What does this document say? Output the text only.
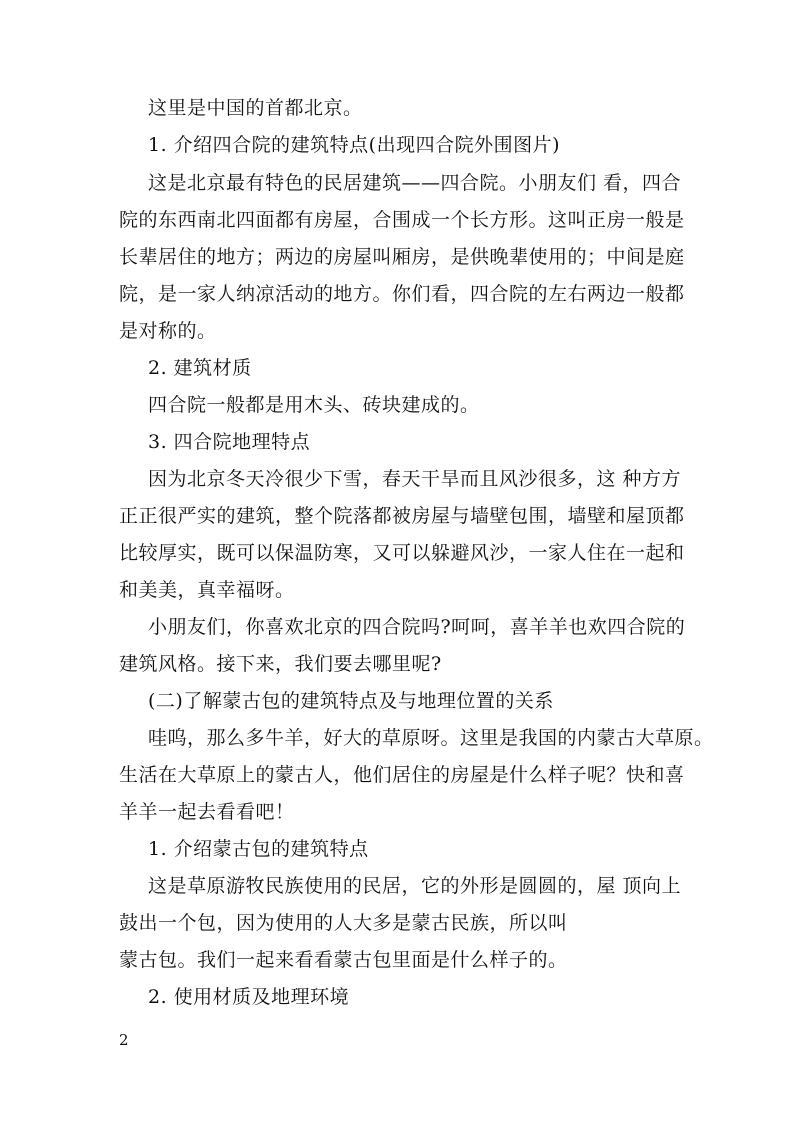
这里是中国的首都北京。
1. 介绍四合院的建筑特点(出现四合院外围图片)
这是北京最有特色的民居建筑——四合院。小朋友们 看，四合
院的东西南北四面都有房屋，合围成一个长方形。这叫正房一般是
长辈居住的地方；两边的房屋叫厢房，是供晚辈使用的；中间是庭
院，是一家人纳凉活动的地方。你们看，四合院的左右两边一般都
是对称的。
2. 建筑材质
四合院一般都是用木头、砖块建成的。
3. 四合院地理特点
因为北京冬天冷很少下雪，春天干旱而且风沙很多，这 种方方
正正很严实的建筑，整个院落都被房屋与墙壁包围，墙壁和屋顶都
比较厚实，既可以保温防寒，又可以躲避风沙，一家人住在一起和
和美美，真幸福呀。
小朋友们，你喜欢北京的四合院吗?呵呵，喜羊羊也欢四合院的
建筑风格。接下来，我们要去哪里呢?
(二)了解蒙古包的建筑特点及与地理位置的关系
哇呜，那么多牛羊，好大的草原呀。这里是我国的内蒙古大草原。
生活在大草原上的蒙古人，他们居住的房屋是什么样子呢？快和喜
羊羊一起去看看吧！
1. 介绍蒙古包的建筑特点
这是草原游牧民族使用的民居，它的外形是圆圆的，屋 顶向上
鼓出一个包，因为使用的人大多是蒙古民族，所以叫
蒙古包。我们一起来看看蒙古包里面是什么样子的。
2. 使用材质及地理环境
2
